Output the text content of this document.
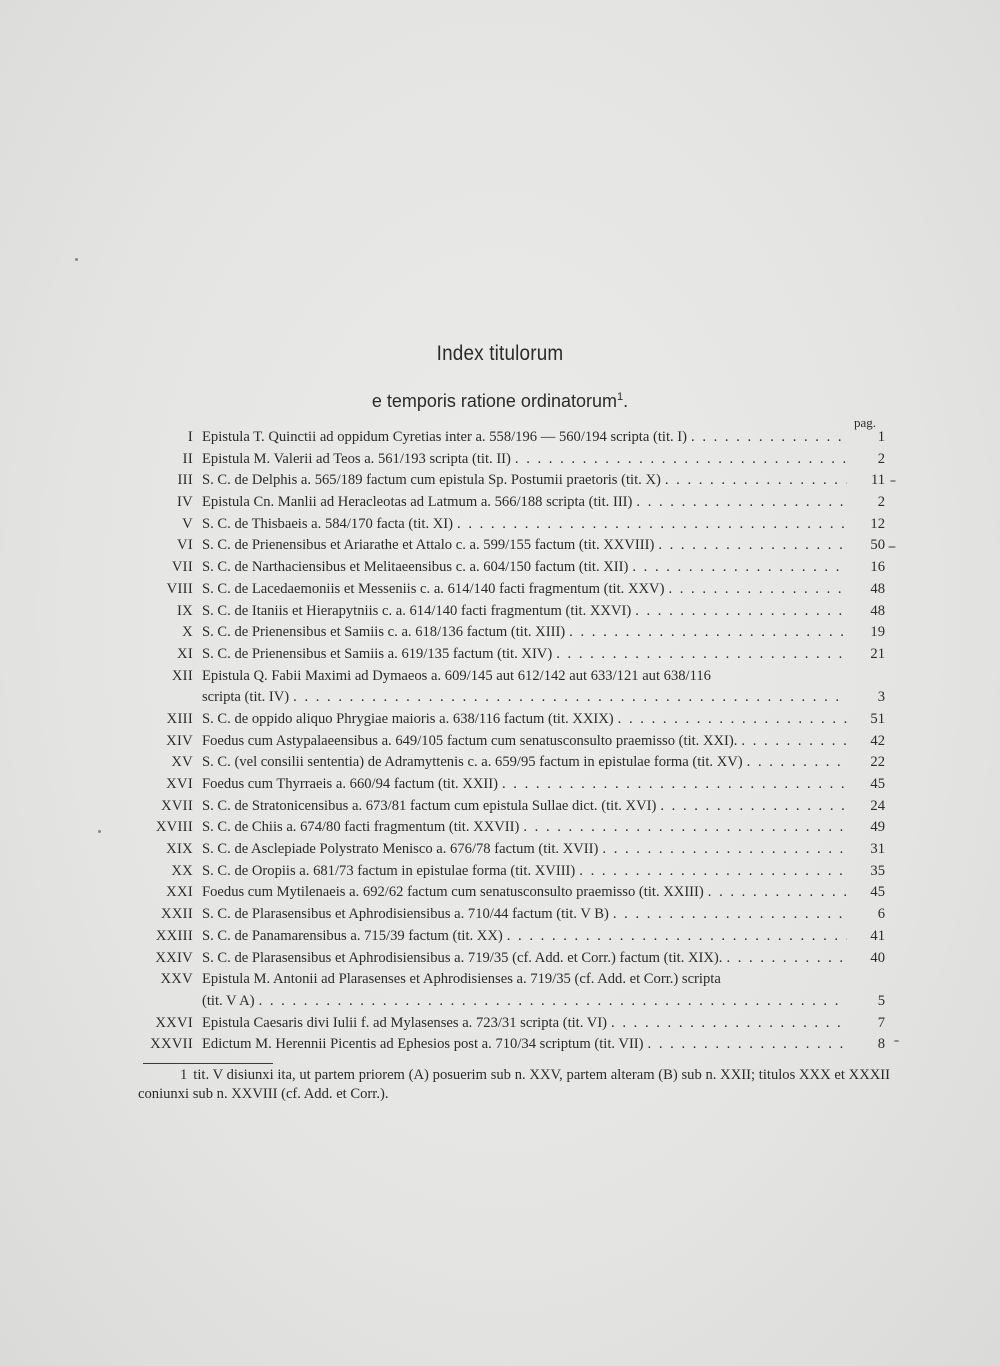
Index titulorum
e temporis ratione ordinatorum$^1$.
pag.
I Epistula T. Quinctii ad oppidum Cyretias inter a. 558/196 — 560/194 scripta (tit. I) . . .	1
II Epistula M. Valerii ad Teos a. 561/193 scripta (tit. II) . . .	2
III S. C. de Delphis a. 565/189 factum cum epistula Sp. Postumii praetoris (tit. X) . . .	11
IV Epistula Cn. Manlii ad Heracleotas ad Latmum a. 566/188 scripta (tit. III) . . .	2
V S. C. de Thisbaeis a. 584/170 facta (tit. XI) . . .	12
VI S. C. de Prienensibus et Ariarathe et Attalo c. a. 599/155 factum (tit. XXVIII) . . .	50
VII S. C. de Narthaciensibus et Melitaeensibus c. a. 604/150 factum (tit. XII) . . .	16
VIII S. C. de Lacedaemoniis et Messeniis c. a. 614/140 facti fragmentum (tit. XXV) . . .	48
IX S. C. de Itaniis et Hierapytniis c. a. 614/140 facti fragmentum (tit. XXVI) . . .	48
X S. C. de Prienensibus et Samiis c. a. 618/136 factum (tit. XIII) . . .	19
XI S. C. de Prienensibus et Samiis a. 619/135 factum (tit. XIV) . . .	21
XII Epistula Q. Fabii Maximi ad Dymaeos a. 609/145 aut 612/142 aut 633/121 aut 638/116
scripta (tit. IV) . . .	3
XIII S. C. de oppido aliquo Phrygiae maioris a. 638/116 factum (tit. XXIX) . . .	51
XIV Foedus cum Astypalaeensibus a. 649/105 factum cum senatusconsulto praemisso (tit. XXI). . . .	42
XV S. C. (vel consilii sententia) de Adramyttenis c. a. 659/95 factum in epistulae forma (tit. XV) . . .	22
XVI Foedus cum Thyrraeis a. 660/94 factum (tit. XXII) . . .	45
XVII S. C. de Stratonicensibus a. 673/81 factum cum epistula Sullae dict. (tit. XVI) . . .	24
XVIII S. C. de Chiis a. 674/80 facti fragmentum (tit. XXVII) . . .	49
XIX S. C. de Asclepiade Polystrato Menisco a. 676/78 factum (tit. XVII) . . .	31
XX S. C. de Oropiis a. 681/73 factum in epistulae forma (tit. XVIII) . . .	35
XXI Foedus cum Mytilenaeis a. 692/62 factum cum senatusconsulto praemisso (tit. XXIII) . . .	45
XXII S. C. de Plarasensibus et Aphrodisiensibus a. 710/44 factum (tit. V B) . . .	6
XXIII S. C. de Panamarensibus a. 715/39 factum (tit. XX) . . .	41
XXIV S. C. de Plarasensibus et Aphrodisiensibus a. 719/35 (cf. Add. et Corr.) factum (tit. XIX). . . .	40
XXV Epistula M. Antonii ad Plarasenses et Aphrodisienses a. 719/35 (cf. Add. et Corr.) scripta
(tit. V A) . . .	5
XXVI Epistula Caesaris divi Iulii f. ad Mylasenses a. 723/31 scripta (tit. VI) . . .	7
XXVII Edictum M. Herennii Picentis ad Ephesios post a. 710/34 scriptum (tit. VII) . . .	8
1 tit. V disiunxi ita, ut partem priorem (A) posuerim sub n. XXV, partem alteram (B) sub n. XXII; titulos XXX et XXXII coniunxi sub n. XXVIII (cf. Add. et Corr.).
